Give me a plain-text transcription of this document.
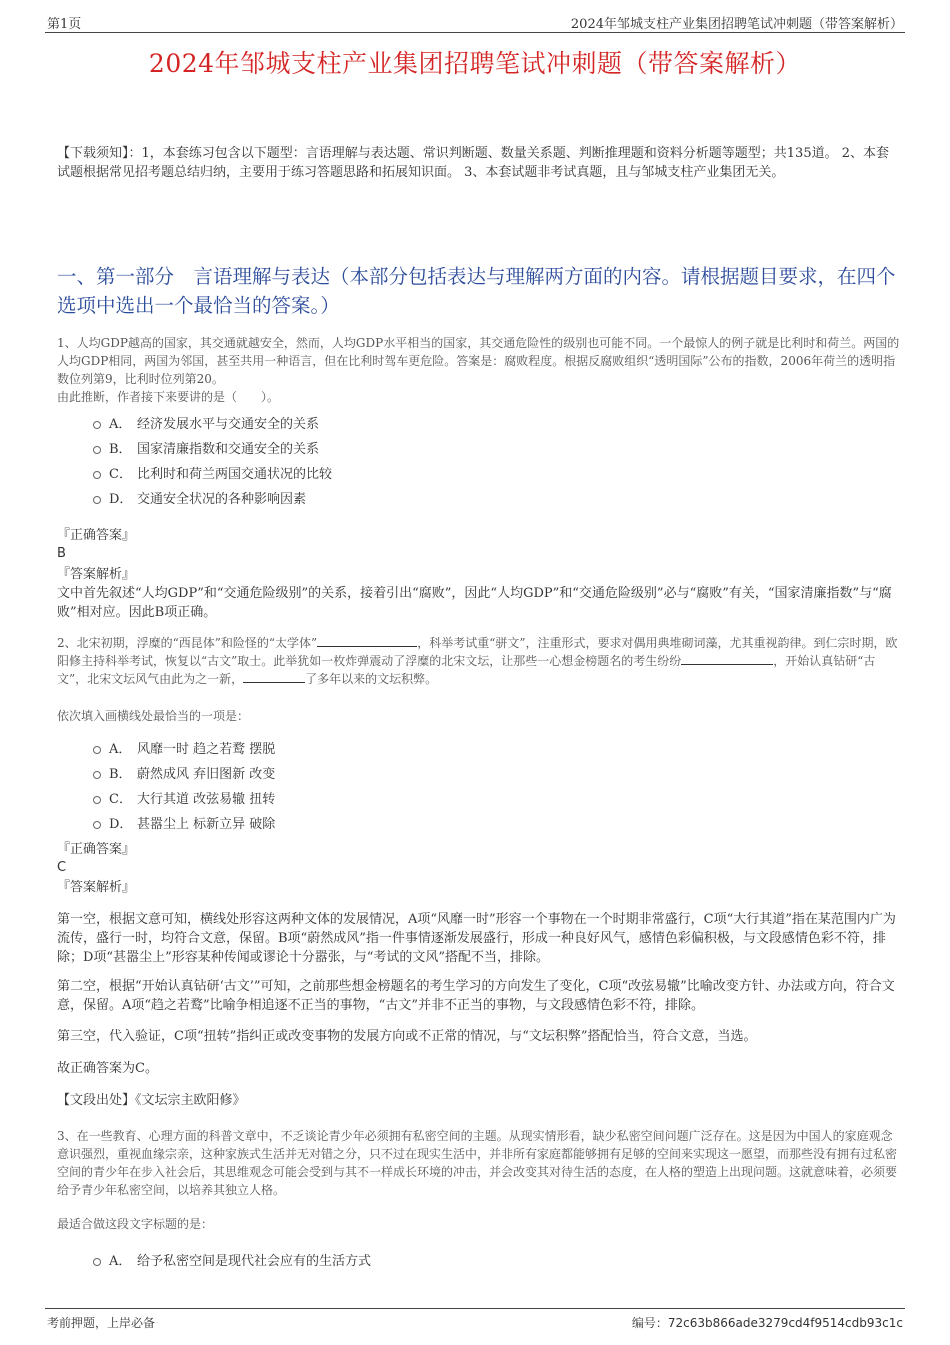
第1页	2024年邹城支柱产业集团招聘笔试冲刺题（带答案解析）
2024年邹城支柱产业集团招聘笔试冲刺题（带答案解析）
【下载须知】：1，本套练习包含以下题型：言语理解与表达题、常识判断题、数量关系题、判断推理题和资料分析题等题型；共135道。 2、本套试题根据常见招考题总结归纳，主要用于练习答题思路和拓展知识面。 3、本套试题非考试真题，且与邹城支柱产业集团无关。
一、第一部分　言语理解与表达（本部分包括表达与理解两方面的内容。请根据题目要求，在四个选项中选出一个最恰当的答案。）
1、人均GDP越高的国家，其交通就越安全，然而，人均GDP水平相当的国家，其交通危险性的级别也可能不同。一个最惊人的例子就是比利时和荷兰。两国的人均GDP相同，两国为邻国，甚至共用一种语言，但在比利时驾车更危险。答案是：腐败程度。根据反腐败组织“透明国际”公布的指数，2006年荷兰的透明指数位列第9，比利时位列第20。
由此推断，作者接下来要讲的是（　　）。
A． 经济发展水平与交通安全的关系
B． 国家清廉指数和交通安全的关系
C． 比利时和荷兰两国交通状况的比较
D． 交通安全状况的各种影响因素
『正确答案』
B
『答案解析』
文中首先叙述“人均GDP”和“交通危险级别”的关系，接着引出“腐败”，因此“人均GDP”和“交通危险级别”必与“腐败”有关，“国家清廉指数”与“腐败”相对应。因此B项正确。
2、北宋初期，浮糜的“西昆体”和险怪的“太学体”	，科举考试重“骈文”，注重形式，要求对偶用典堆砌词藻，尤其重视韵律。到仁宗时期，欧阳修主持科举考试，恢复以“古文”取士。此举犹如一枚炸弹震动了浮糜的北宋文坛，让那些一心想金榜题名的考生纷纷	，开始认真钻研“古文”，北宋文坛风气由此为之一新，	了多年以来的文坛积弊。
依次填入画横线处最恰当的一项是：
A． 风靡一时 趋之若鹜 摆脱
B． 蔚然成风 弃旧图新 改变
C． 大行其道 改弦易辙 扭转
D． 甚嚣尘上 标新立异 破除
『正确答案』
C
『答案解析』
第一空，根据文意可知，横线处形容这两种文体的发展情况，A项“风靡一时”形容一个事物在一个时期非常盛行，C项“大行其道”指在某范围内广为流传，盛行一时，均符合文意，保留。B项“蔚然成风”指一件事情逐渐发展盛行，形成一种良好风气，感情色彩偏积极，与文段感情色彩不符，排除；D项“甚嚣尘上”形容某种传闻或谬论十分嚣张，与“考试的文风”搭配不当，排除。
第二空，根据“开始认真钻研‘古文’”可知，之前那些想金榜题名的考生学习的方向发生了变化，C项“改弦易辙”比喻改变方针、办法或方向，符合文意，保留。A项“趋之若鹜”比喻争相追逐不正当的事物，“古文”并非不正当的事物，与文段感情色彩不符，排除。
第三空，代入验证，C项“扭转”指纠正或改变事物的发展方向或不正常的情况，与“文坛积弊”搭配恰当，符合文意，当选。
故正确答案为C。
【文段出处】《文坛宗主欧阳修》
3、在一些教育、心理方面的科普文章中，不乏谈论青少年必须拥有私密空间的主题。从现实情形看，缺少私密空间问题广泛存在。这是因为中国人的家庭观念意识强烈，重视血缘宗亲，这种家族式生活并无对错之分，只不过在现实生活中，并非所有家庭都能够拥有足够的空间来实现这一愿望，而那些没有拥有过私密空间的青少年在步入社会后，其思维观念可能会受到与其不一样成长环境的冲击，并会改变其对待生活的态度，在人格的塑造上出现问题。这就意味着，必须要给予青少年私密空间，以培养其独立人格。
最适合做这段文字标题的是：
A． 给予私密空间是现代社会应有的生活方式
考前押题，上岸必备	编号：72c63b866ade3279cd4f9514cdb93c1c
